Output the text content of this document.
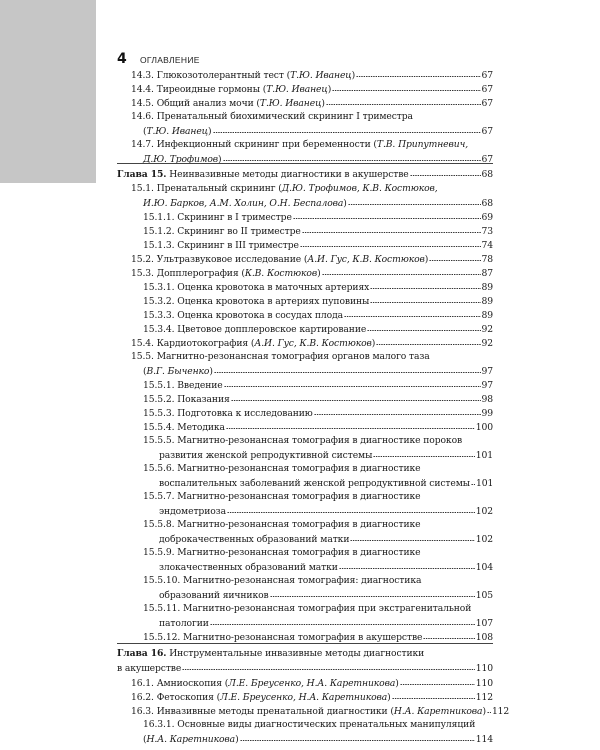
4 ОГЛАВЛЕНИЕ
14.3. Глюкозотолерантный тест (Т.Ю. Иванец)	67
14.4. Тиреоидные гормоны (Т.Ю. Иванец)	67
14.5. Общий анализ мочи (Т.Ю. Иванец)	67
14.6. Пренатальный биохимический скрининг I триместра
(Т.Ю. Иванец)	67
14.7. Инфекционный скрининг при беременности (Т.В. Припутневич,
Д.Ю. Трофимов)	67
Глава 15. Неинвазивные методы диагностики в акушерстве	68
15.1. Пренатальный скрининг (Д.Ю. Трофимов, К.В. Костюков,
И.Ю. Барков, А.М. Холин, О.Н. Беспалова)	68
15.1.1. Скрининг в I триместре	69
15.1.2. Скрининг во II триместре	73
15.1.3. Скрининг в III триместре	74
15.2. Ультразвуковое исследование (А.И. Гус, К.В. Костюков)	78
15.3. Допплерография (К.В. Костюков)	87
15.3.1. Оценка кровотока в маточных артериях	89
15.3.2. Оценка кровотока в артериях пуповины	89
15.3.3. Оценка кровотока в сосудах плода	89
15.3.4. Цветовое допплеровское картирование	92
15.4. Кардиотокография (А.И. Гус, К.В. Костюков)	92
15.5. Магнитно-резонансная томография органов малого таза
(В.Г. Быченко)	97
15.5.1. Введение	97
15.5.2. Показания	98
15.5.3. Подготовка к исследованию	99
15.5.4. Методика	100
15.5.5. Магнитно-резонансная томография в диагностике пороков
развития женской репродуктивной системы	101
15.5.6. Магнитно-резонансная томография в диагностике
воспалительных заболеваний женской репродуктивной системы 101
15.5.7. Магнитно-резонансная томография в диагностике
эндометриоза	102
15.5.8. Магнитно-резонансная томография в диагностике
доброкачественных образований матки	102
15.5.9. Магнитно-резонансная томография в диагностике
злокачественных образований матки	104
15.5.10. Магнитно-резонансная томография: диагностика
образований яичников	105
15.5.11. Магнитно-резонансная томография при экстрагенитальной
патологии	107
15.5.12. Магнитно-резонансная томография в акушерстве	108
Глава 16. Инструментальные инвазивные методы диагностики
в акушерстве	110
16.1. Амниоскопия (Л.Е. Бреусенко, Н.А. Каретникова)	110
16.2. Фетоскопия (Л.Е. Бреусенко, Н.А. Каретникова)	112
16.3. Инвазивные методы пренатальной диагностики (Н.А. Каретникова) 112
16.3.1. Основные виды диагностических пренатальных манипуляций
(Н.А. Каретникова)	114
